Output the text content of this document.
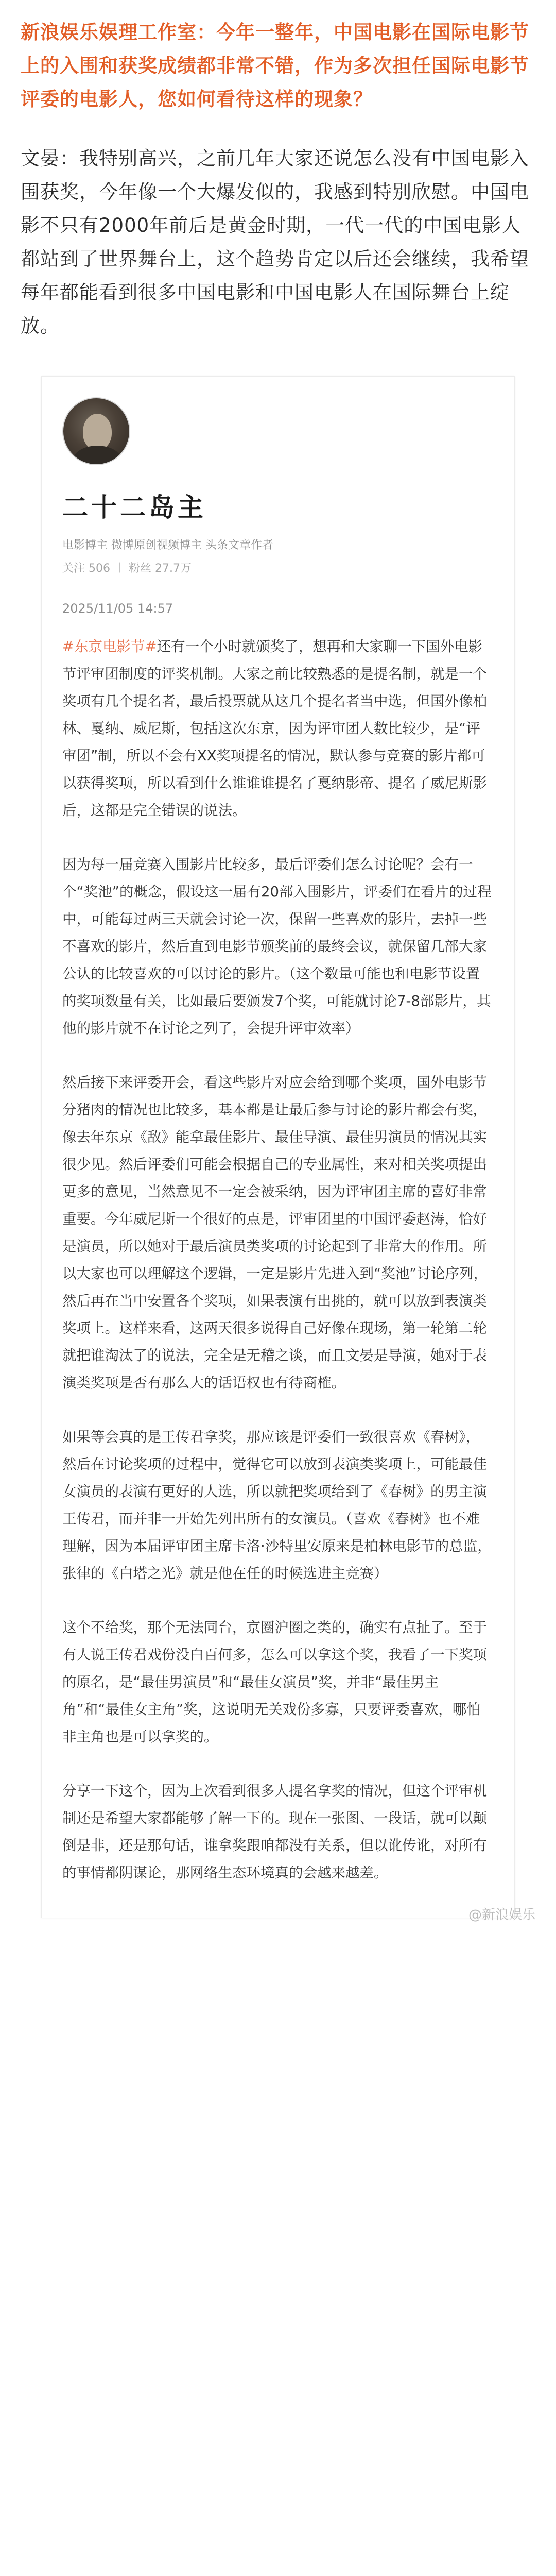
新浪娱乐娱理工作室：今年一整年，中国电影在国际电影节上的入围和获奖成绩都非常不错，作为多次担任国际电影节评委的电影人，您如何看待这样的现象？
文晏：我特别高兴，之前几年大家还说怎么没有中国电影入围获奖，今年像一个大爆发似的，我感到特别欣慰。中国电影不只有2000年前后是黄金时期，一代一代的中国电影人都站到了世界舞台上，这个趋势肯定以后还会继续，我希望每年都能看到很多中国电影和中国电影人在国际舞台上绽放。
二十二岛主
电影博主 微博原创视频博主 头条文章作者
关注 506 丨 粉丝 27.7万
2025/11/05 14:57

#东京电影节#还有一个小时就颁奖了，想再和大家聊一下国外电影节评审团制度的评奖机制。大家之前比较熟悉的是提名制，就是一个奖项有几个提名者，最后投票就从这几个提名者当中选，但国外像柏林、戛纳、威尼斯，包括这次东京，因为评审团人数比较少，是“评审团”制，所以不会有XX奖项提名的情况，默认参与竞赛的影片都可以获得奖项，所以看到什么谁谁谁提名了戛纳影帝、提名了威尼斯影后，这都是完全错误的说法。

因为每一届竞赛入围影片比较多，最后评委们怎么讨论呢？会有一个“奖池”的概念，假设这一届有20部入围影片，评委们在看片的过程中，可能每过两三天就会讨论一次，保留一些喜欢的影片，去掉一些不喜欢的影片，然后直到电影节颁奖前的最终会议，就保留几部大家公认的比较喜欢的可以讨论的影片。（这个数量可能也和电影节设置的奖项数量有关，比如最后要颁发7个奖，可能就讨论7-8部影片，其他的影片就不在讨论之列了，会提升评审效率）

然后接下来评委开会，看这些影片对应会给到哪个奖项，国外电影节分猪肉的情况也比较多，基本都是让最后参与讨论的影片都会有奖，像去年东京《敌》能拿最佳影片、最佳导演、最佳男演员的情况其实很少见。然后评委们可能会根据自己的专业属性，来对相关奖项提出更多的意见，当然意见不一定会被采纳，因为评审团主席的喜好非常重要。今年威尼斯一个很好的点是，评审团里的中国评委赵涛，恰好是演员，所以她对于最后演员类奖项的讨论起到了非常大的作用。所以大家也可以理解这个逻辑，一定是影片先进入到“奖池”讨论序列，然后再在当中安置各个奖项，如果表演有出挑的，就可以放到表演类奖项上。这样来看，这两天很多说得自己好像在现场，第一轮第二轮就把谁淘汰了的说法，完全是无稽之谈，而且文晏是导演，她对于表演类奖项是否有那么大的话语权也有待商榷。

如果等会真的是王传君拿奖，那应该是评委们一致很喜欢《春树》，然后在讨论奖项的过程中，觉得它可以放到表演类奖项上，可能最佳女演员的表演有更好的人选，所以就把奖项给到了《春树》的男主演王传君，而并非一开始先列出所有的女演员。（喜欢《春树》也不难理解，因为本届评审团主席卡洛·沙特里安原来是柏林电影节的总监，张律的《白塔之光》就是他在任的时候选进主竞赛）

这个不给奖，那个无法同台，京圈沪圈之类的，确实有点扯了。至于有人说王传君戏份没白百何多，怎么可以拿这个奖，我看了一下奖项的原名，是“最佳男演员”和“最佳女演员”奖，并非“最佳男主角”和“最佳女主角”奖，这说明无关戏份多寡，只要评委喜欢，哪怕非主角也是可以拿奖的。

分享一下这个，因为上次看到很多人提名拿奖的情况，但这个评审机制还是希望大家都能够了解一下的。现在一张图、一段话，就可以颠倒是非，还是那句话，谁拿奖跟咱都没有关系，但以讹传讹，对所有的事情都阴谋论，那网络生态环境真的会越来越差。

@新浪娱乐
